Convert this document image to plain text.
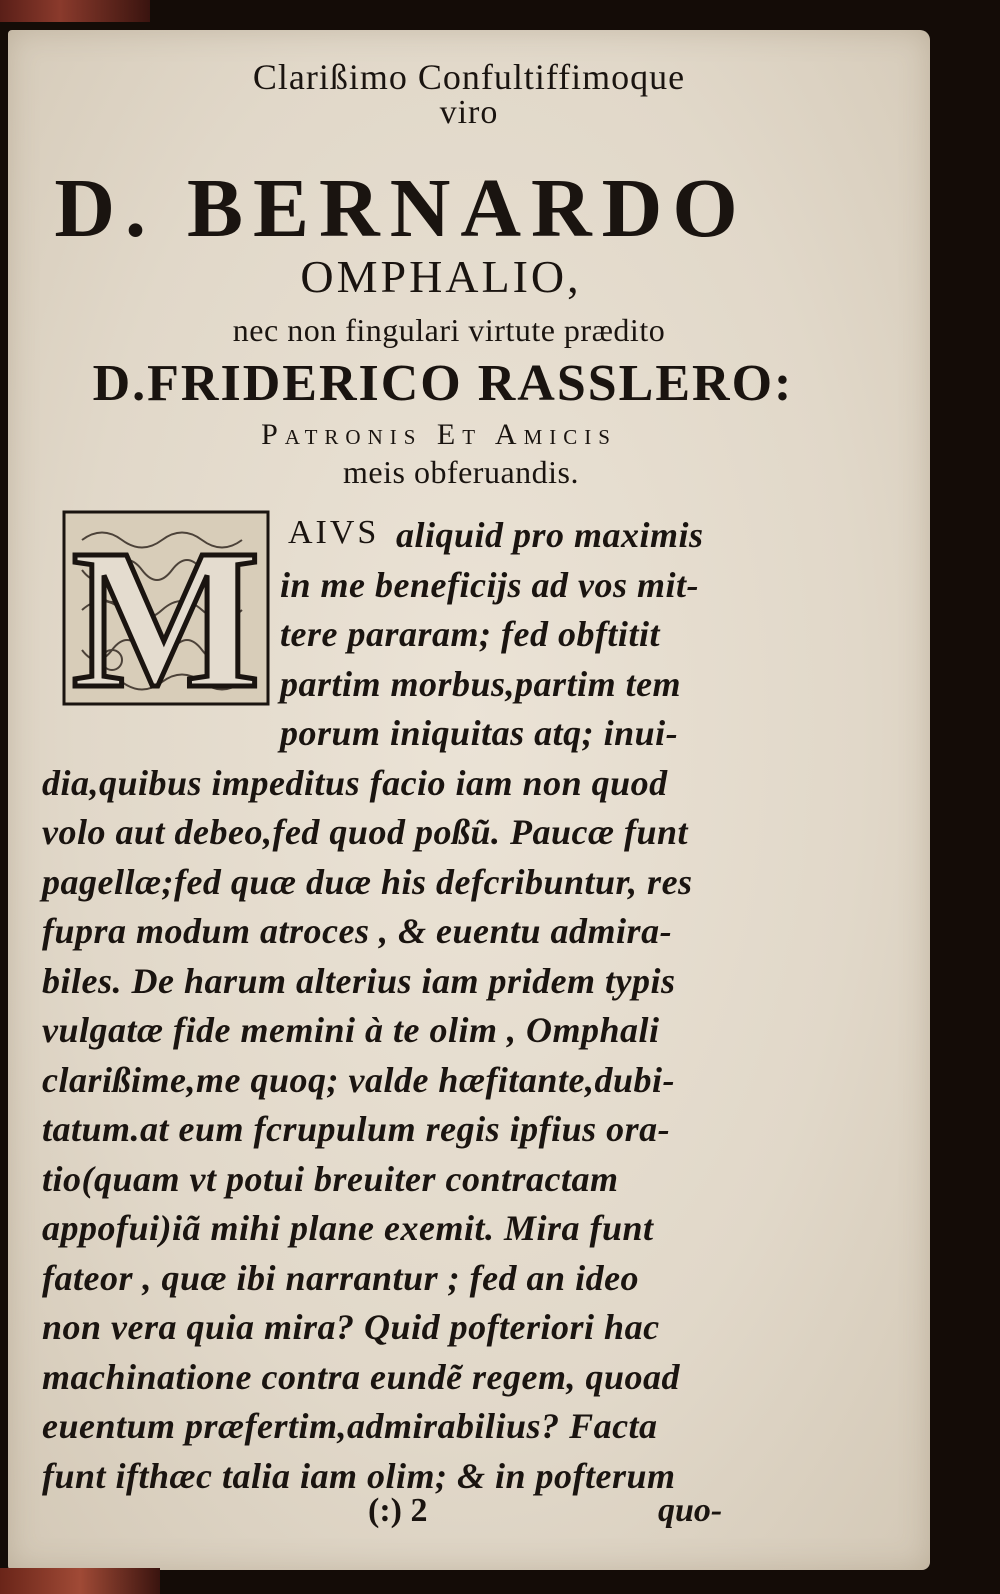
Clarißimo Confultiffimoque
viro
D. BERNARDO
OMPHALIO,
nec non fingulari virtute prædito
D.FRIDERICO RASSLERO:
Patronis Et Amicis
meis obferuandis.
M AIVS aliquid pro maximis
in me beneficijs ad vos mit-
tere pararam; fed obftitit
partim morbus,partim tem
porum iniquitas atq; inui-
dia,quibus impeditus facio iam non quod
volo aut debeo,fed quod poßũ. Paucæ funt
pagellæ;fed quæ duæ his defcribuntur, res
fupra modum atroces , & euentu admira-
biles. De harum alterius iam pridem typis
vulgatæ fide memini à te olim , Omphali
clarißime,me quoq; valde hæfitante,dubi-
tatum.at eum fcrupulum regis ipfius ora-
tio(quam vt potui breuiter contractam
appofui)iã mihi plane exemit. Mira funt
fateor , quæ ibi narrantur ; fed an ideo
non vera quia mira? Quid pofteriori hac
machinatione contra eundẽ regem, quoad
euentum præfertim,admirabilius? Facta
funt ifthæc talia iam olim; & in pofterum
(:) 2	quo-
